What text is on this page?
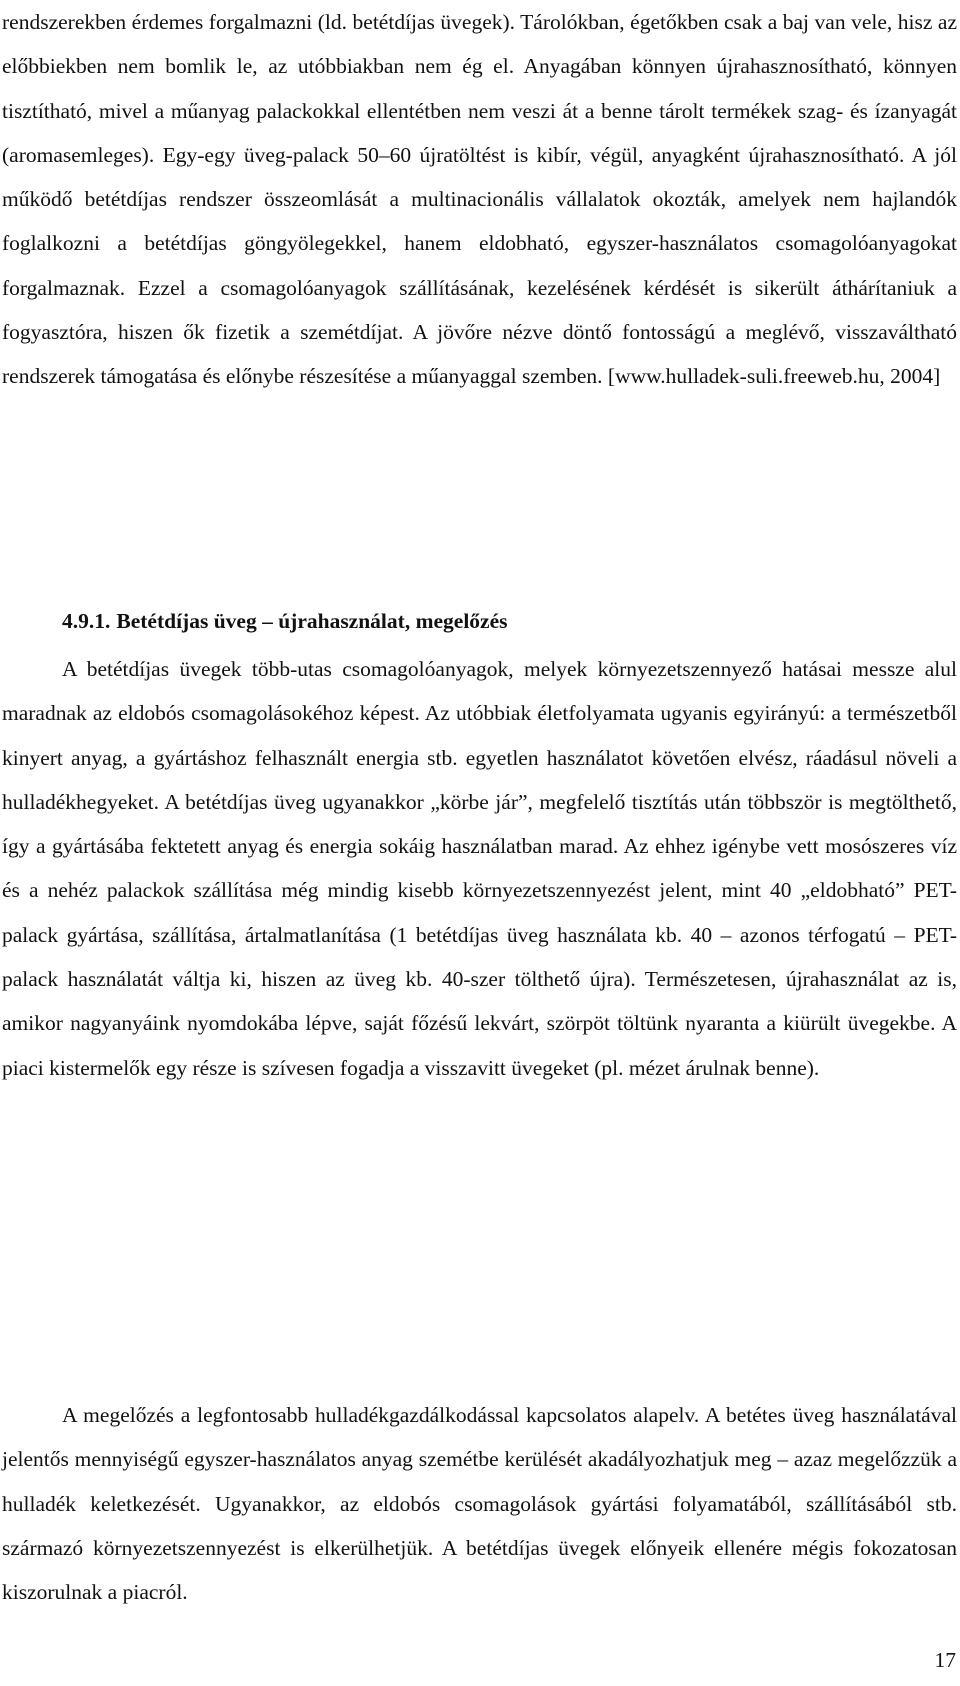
rendszerekben érdemes forgalmazni (ld. betétdíjas üvegek). Tárolókban, égetőkben csak a baj van vele, hisz az előbbiekben nem bomlik le, az utóbbiakban nem ég el. Anyagában könnyen újrahasznosítható, könnyen tisztítható, mivel a műanyag palackokkal ellentétben nem veszi át a benne tárolt termékek szag- és ízanyagát (aromasemleges). Egy-egy üveg-palack 50–60 újratöltést is kibír, végül, anyagként újrahasznosítható. A jól működő betétdíjas rendszer összeomlását a multinacionális vállalatok okozták, amelyek nem hajlandók foglalkozni a betétdíjas göngyölegekkel, hanem eldobható, egyszer-használatos csomagolóanyagokat forgalmaznak. Ezzel a csomagolóanyagok szállításának, kezelésének kérdését is sikerült áthárítaniuk a fogyasztóra, hiszen ők fizetik a szemétdíjat. A jövőre nézve döntő fontosságú a meglévő, visszaváltható rendszerek támogatása és előnybe részesítése a műanyaggal szemben. [www.hulladek-suli.freeweb.hu, 2004]

4.9.1. Betétdíjas üveg – újrahasználat, megelőzés

A betétdíjas üvegek több-utas csomagolóanyagok, melyek környezetszennyező hatásai messze alul maradnak az eldobós csomagolásokéhoz képest. Az utóbbiak életfolyamata ugyanis egyirányú: a természetből kinyert anyag, a gyártáshoz felhasznált energia stb. egyetlen használatot követően elvész, ráadásul növeli a hulladékhegyeket. A betétdíjas üveg ugyanakkor „körbe jár”, megfelelő tisztítás után többször is megtölthető, így a gyártásába fektetett anyag és energia sokáig használatban marad. Az ehhez igénybe vett mosószeres víz és a nehéz palackok szállítása még mindig kisebb környezetszennyezést jelent, mint 40 „eldobható” PET-palack gyártása, szállítása, ártalmatlanítása (1 betétdíjas üveg használata kb. 40 – azonos térfogatú – PET-palack használatát váltja ki, hiszen az üveg kb. 40-szer tölthető újra). Természetesen, újrahasználat az is, amikor nagyanyáink nyomdokába lépve, saját főzésű lekvárt, szörpöt töltünk nyaranta a kiürült üvegekbe. A piaci kistermelők egy része is szívesen fogadja a visszavitt üvegeket (pl. mézet árulnak benne).

A megelőzés a legfontosabb hulladékgazdálkodással kapcsolatos alapelv. A betétes üveg használatával jelentős mennyiségű egyszer-használatos anyag szemétbe kerülését akadályozhatjuk meg – azaz megelőzzük a hulladék keletkezését. Ugyanakkor, az eldobós csomagolások gyártási folyamatából, szállításából stb. származó környezetszennyezést is elkerülhetjük. A betétdíjas üvegek előnyeik ellenére mégis fokozatosan kiszorulnak a piacról.

17
